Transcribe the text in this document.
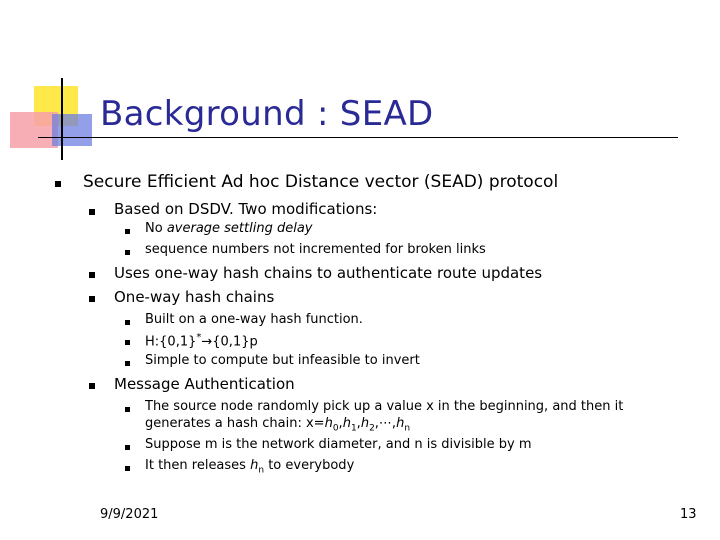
Background : SEAD
Secure Efficient Ad hoc Distance vector (SEAD) protocol
Based on DSDV. Two modifications:
No average settling delay
sequence numbers not incremented for broken links
Uses one-way hash chains to authenticate route updates
One-way hash chains
Built on a one-way hash function.
H:{0,1}*→{0,1}p
Simple to compute but infeasible to invert
Message Authentication
The source node randomly pick up a value x in the beginning, and then it
generates a hash chain: $x=h_0,h_1,h_2,\cdots,h_n$
Suppose m is the network diameter, and n is divisible by m
It then releases $h_n$ to everybody
9/9/2021	13
